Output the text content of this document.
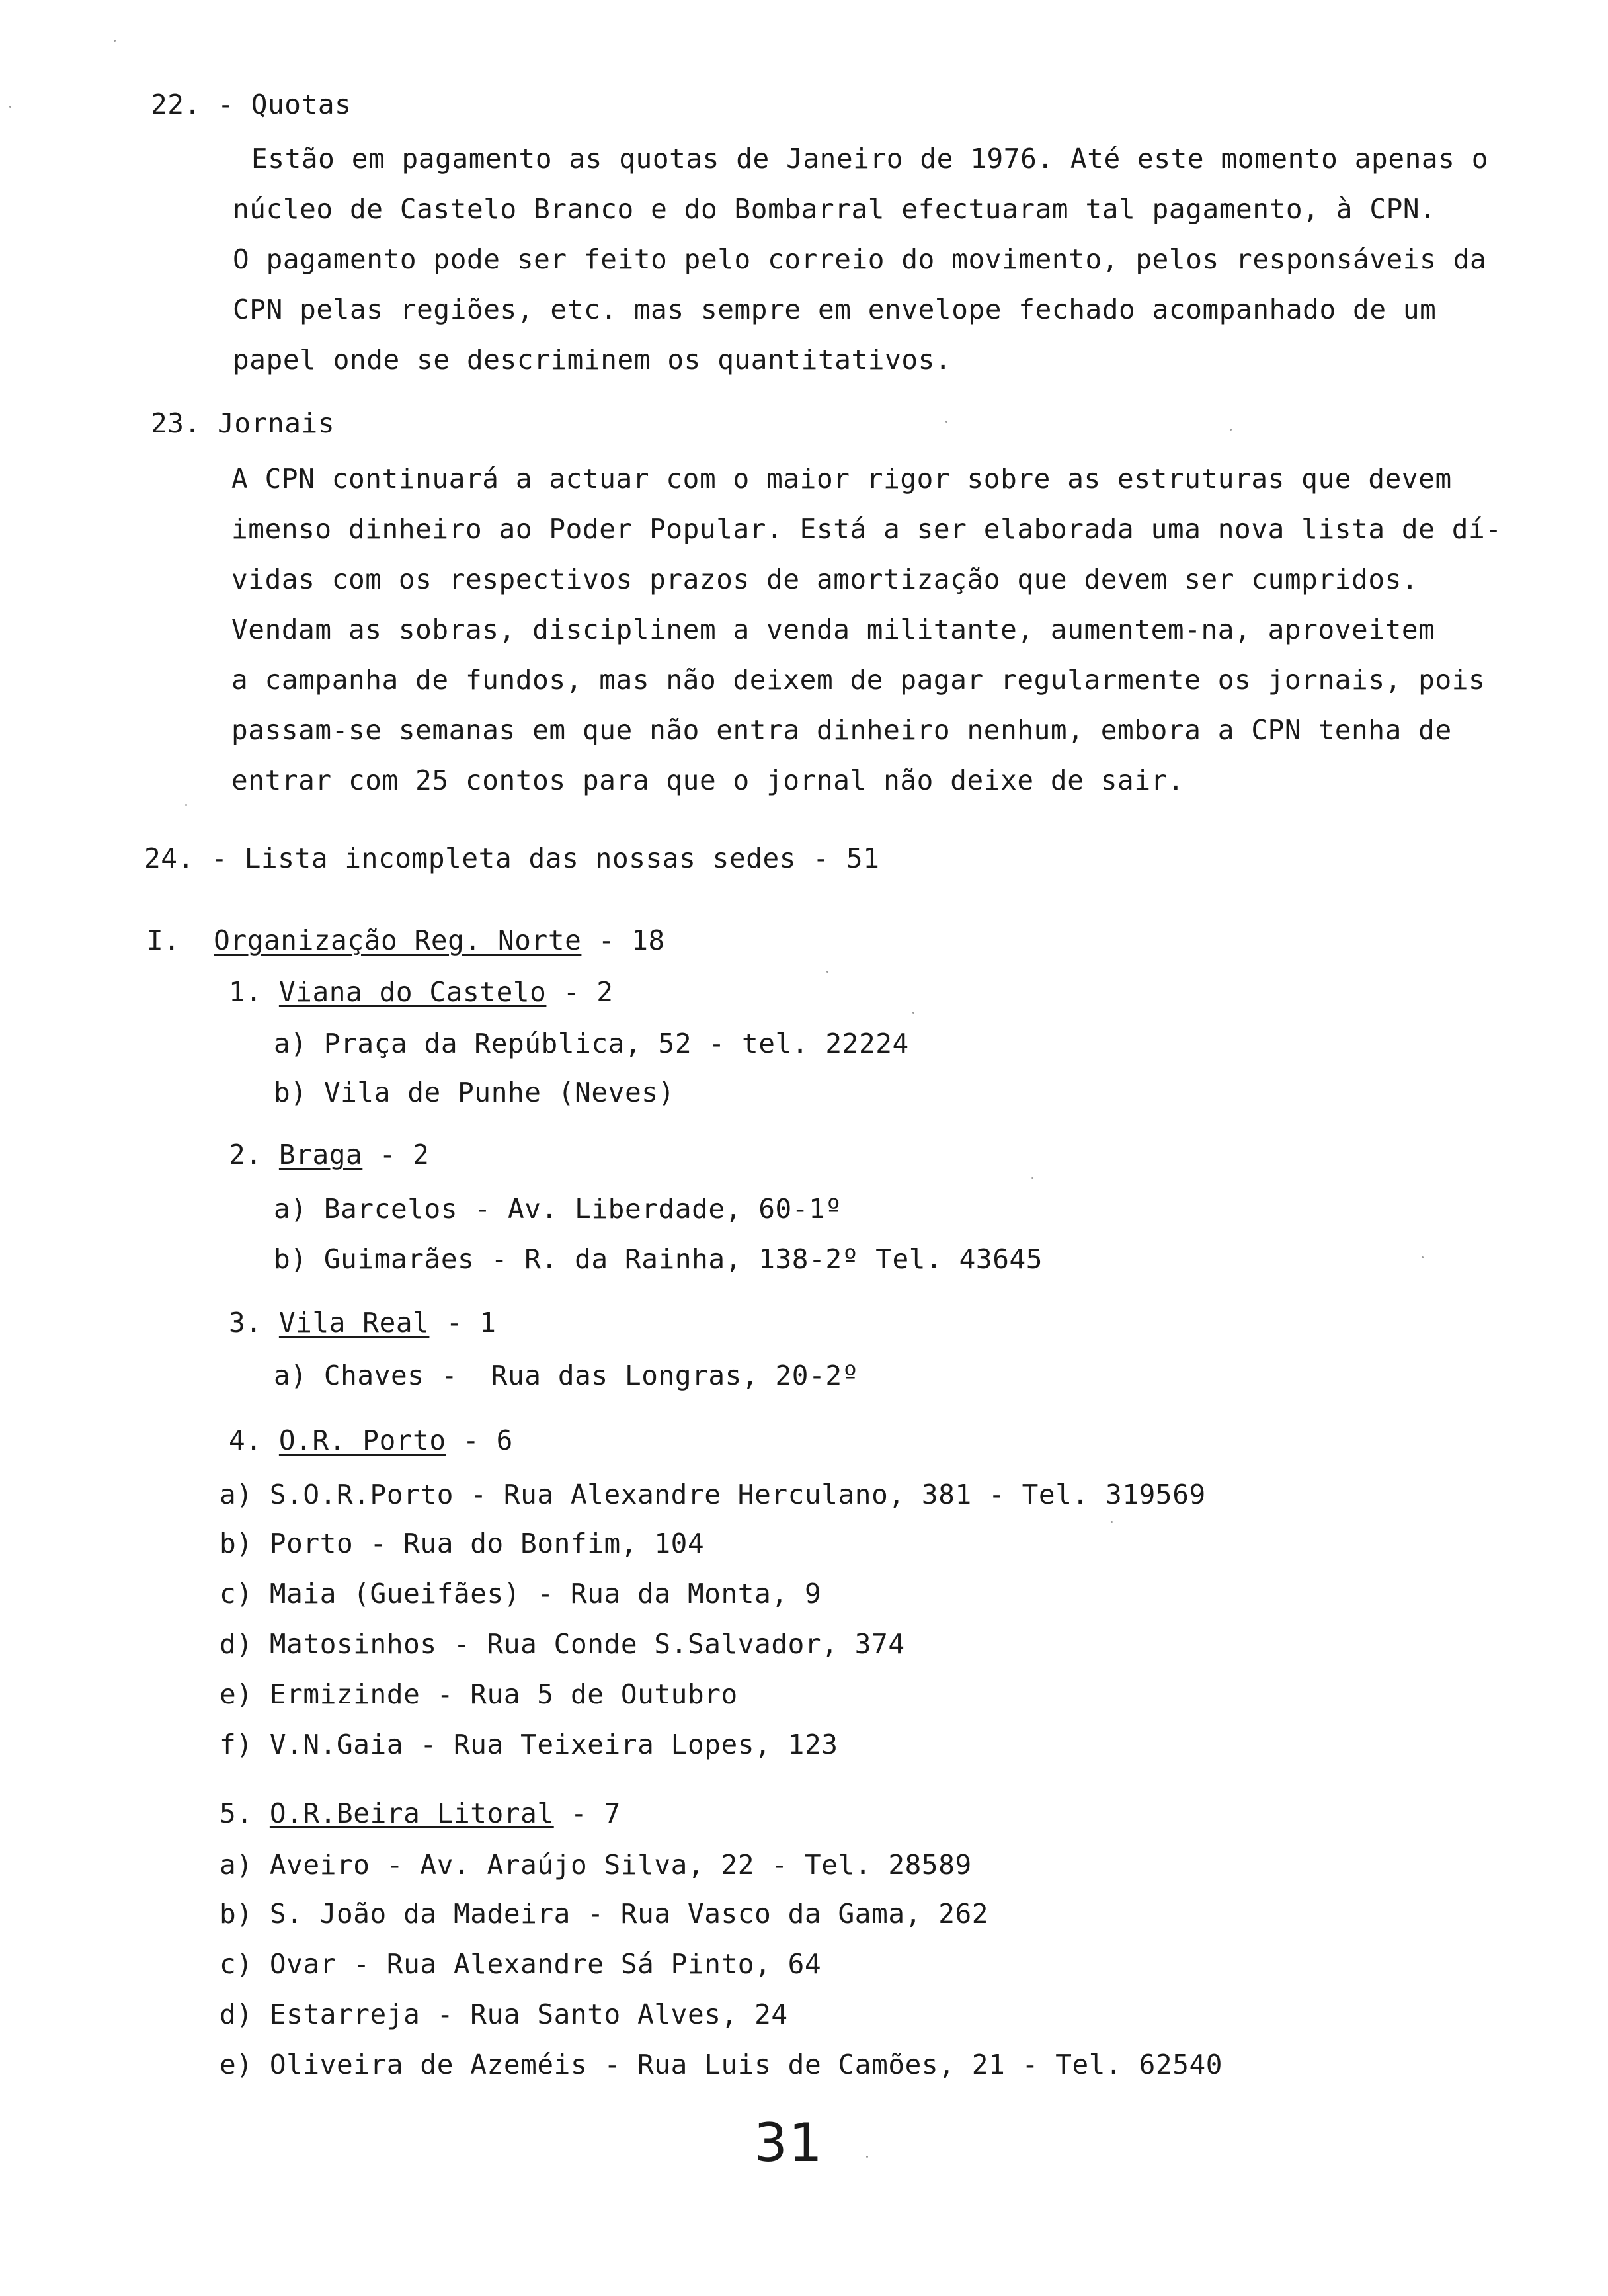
22. - Quotas
Estão em pagamento as quotas de Janeiro de 1976. Até este momento apenas o
núcleo de Castelo Branco e do Bombarral efectuaram tal pagamento, à CPN.
O pagamento pode ser feito pelo correio do movimento, pelos responsáveis da
CPN pelas regiões, etc. mas sempre em envelope fechado acompanhado de um
papel onde se descriminem os quantitativos.
23. Jornais
A CPN continuará a actuar com o maior rigor sobre as estruturas que devem
imenso dinheiro ao Poder Popular. Está a ser elaborada uma nova lista de dí-
vidas com os respectivos prazos de amortização que devem ser cumpridos.
Vendam as sobras, disciplinem a venda militante, aumentem-na, aproveitem
a campanha de fundos, mas não deixem de pagar regularmente os jornais, pois
passam-se semanas em que não entra dinheiro nenhum, embora a CPN tenha de
entrar com 25 contos para que o jornal não deixe de sair.
24. - Lista incompleta das nossas sedes - 51
I. Organização Reg. Norte - 18
1. Viana do Castelo - 2
a) Praça da República, 52 - tel. 22224
b) Vila de Punhe (Neves)
2. Braga - 2
a) Barcelos - Av. Liberdade, 60-1º
b) Guimarães - R. da Rainha, 138-2º Tel. 43645
3. Vila Real - 1
a) Chaves -  Rua das Longras, 20-2º
4. O.R. Porto - 6
a) S.O.R.Porto - Rua Alexandre Herculano, 381 - Tel. 319569
b) Porto - Rua do Bonfim, 104
c) Maia (Gueifães) - Rua da Monta, 9
d) Matosinhos - Rua Conde S.Salvador, 374
e) Ermizinde - Rua 5 de Outubro
f) V.N.Gaia - Rua Teixeira Lopes, 123
5. O.R.Beira Litoral - 7
a) Aveiro - Av. Araújo Silva, 22 - Tel. 28589
b) S. João da Madeira - Rua Vasco da Gama, 262
c) Ovar - Rua Alexandre Sá Pinto, 64
d) Estarreja - Rua Santo Alves, 24
e) Oliveira de Azeméis - Rua Luis de Camões, 21 - Tel. 62540
31
